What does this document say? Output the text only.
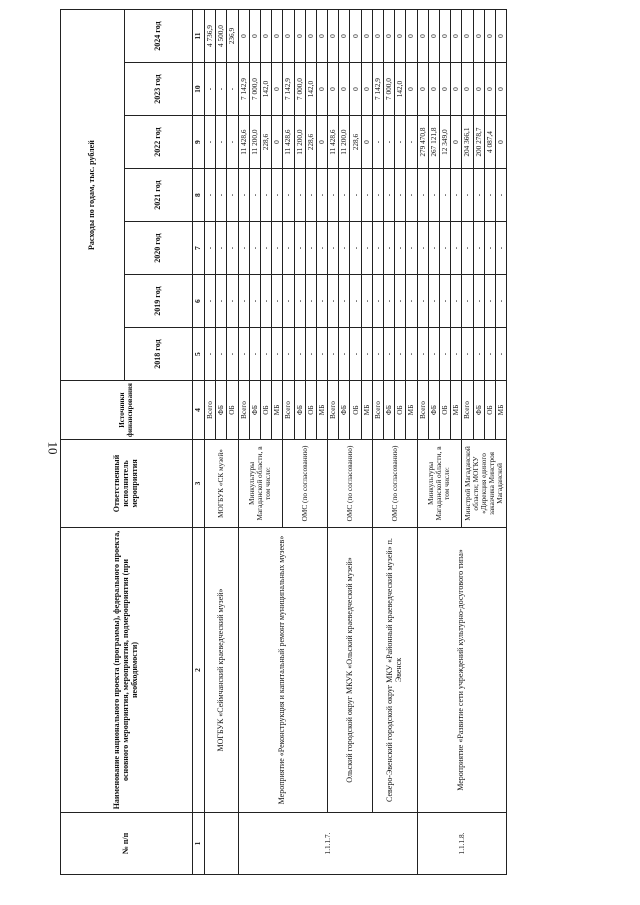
10
№ п/п	Наименование национального проекта (программы), федерального проекта, основного мероприятия, мероприятия, подмероприятия (при необходимости)	Ответственный исполнитель мероприятия	Источники финансирования	Расходы по годам, тыс. рублей						
				2018 год	2019 год	2020 год	2021 год	2022 год	2023 год	2024 год
1	2	3	4	5	6	7	8	9	10	11
	МОГБУК «Сеймчанский краеведческий музей»	МОГБУК «СК музей»	Всего	-	-	-	-	-	-	4 736,9
			ФБ	-	-	-	-	-	-	4 500,0
			ОБ	-	-	-	-	-	-	236,9
1.1.1.7.	Мероприятие «Реконструкция и капитальный ремонт муниципальных музеев»	Минкультуры Магаданской области, в том числе:	Всего	-	-	-	-	11 428,6	7 142,9	0
			ФБ	-	-	-	-	11 200,0	7 000,0	0
			ОБ	-	-	-	-	228,6	142,0	0
			МБ	-	-	-	-	0	0	0
		ОМС (по согласованию)	Всего	-	-	-	-	11 428,6	7 142,9	0
			ФБ	-	-	-	-	11 200,0	7 000,0	0
			ОБ	-	-	-	-	228,6	142,0	0
			МБ	-	-	-	-	0	0	0
	Ольский городской округ МКУК «Ольский краеведческий музей»	ОМС (по согласованию)	Всего	-	-	-	-	11 428,6	0	0
			ФБ	-	-	-	-	11 200,0	0	0
			ОБ	-	-	-	-	228,6	0	0
			МБ	-	-	-	-	0	0	0
	Северо-Эвенский городской округ МКУ «Районный краеведческий музей» п. Эвенск	ОМС (по согласованию)	Всего	-	-	-	-	-	7 142,9	0
			ФБ	-	-	-	-	-	7 000,0	0
			ОБ	-	-	-	-	-	142,0	0
			МБ	-	-	-	-	-	0	0
1.1.1.8.	Мероприятие «Развитие сети учреждений культурно-досугового типа»	Минкультуры Магаданской области, в том числе:	Всего	-	-	-	-	279 470,8	0	0
			ФБ	-	-	-	-	267 121,8	0	0
			ОБ	-	-	-	-	12 349,0	0	0
			МБ	-	-	-	-	0	0	0
		Минстрой Магаданской области; МОГКУ «Дирекция единого заказчика Минстроя Магаданской	Всего	-	-	-	-	204 366,1	0	0
			ФБ	-	-	-	-	200 278,7	0	0
			ОБ	-	-	-	-	4 087,4	0	0
			МБ	-	-	-	-	0	0	0
